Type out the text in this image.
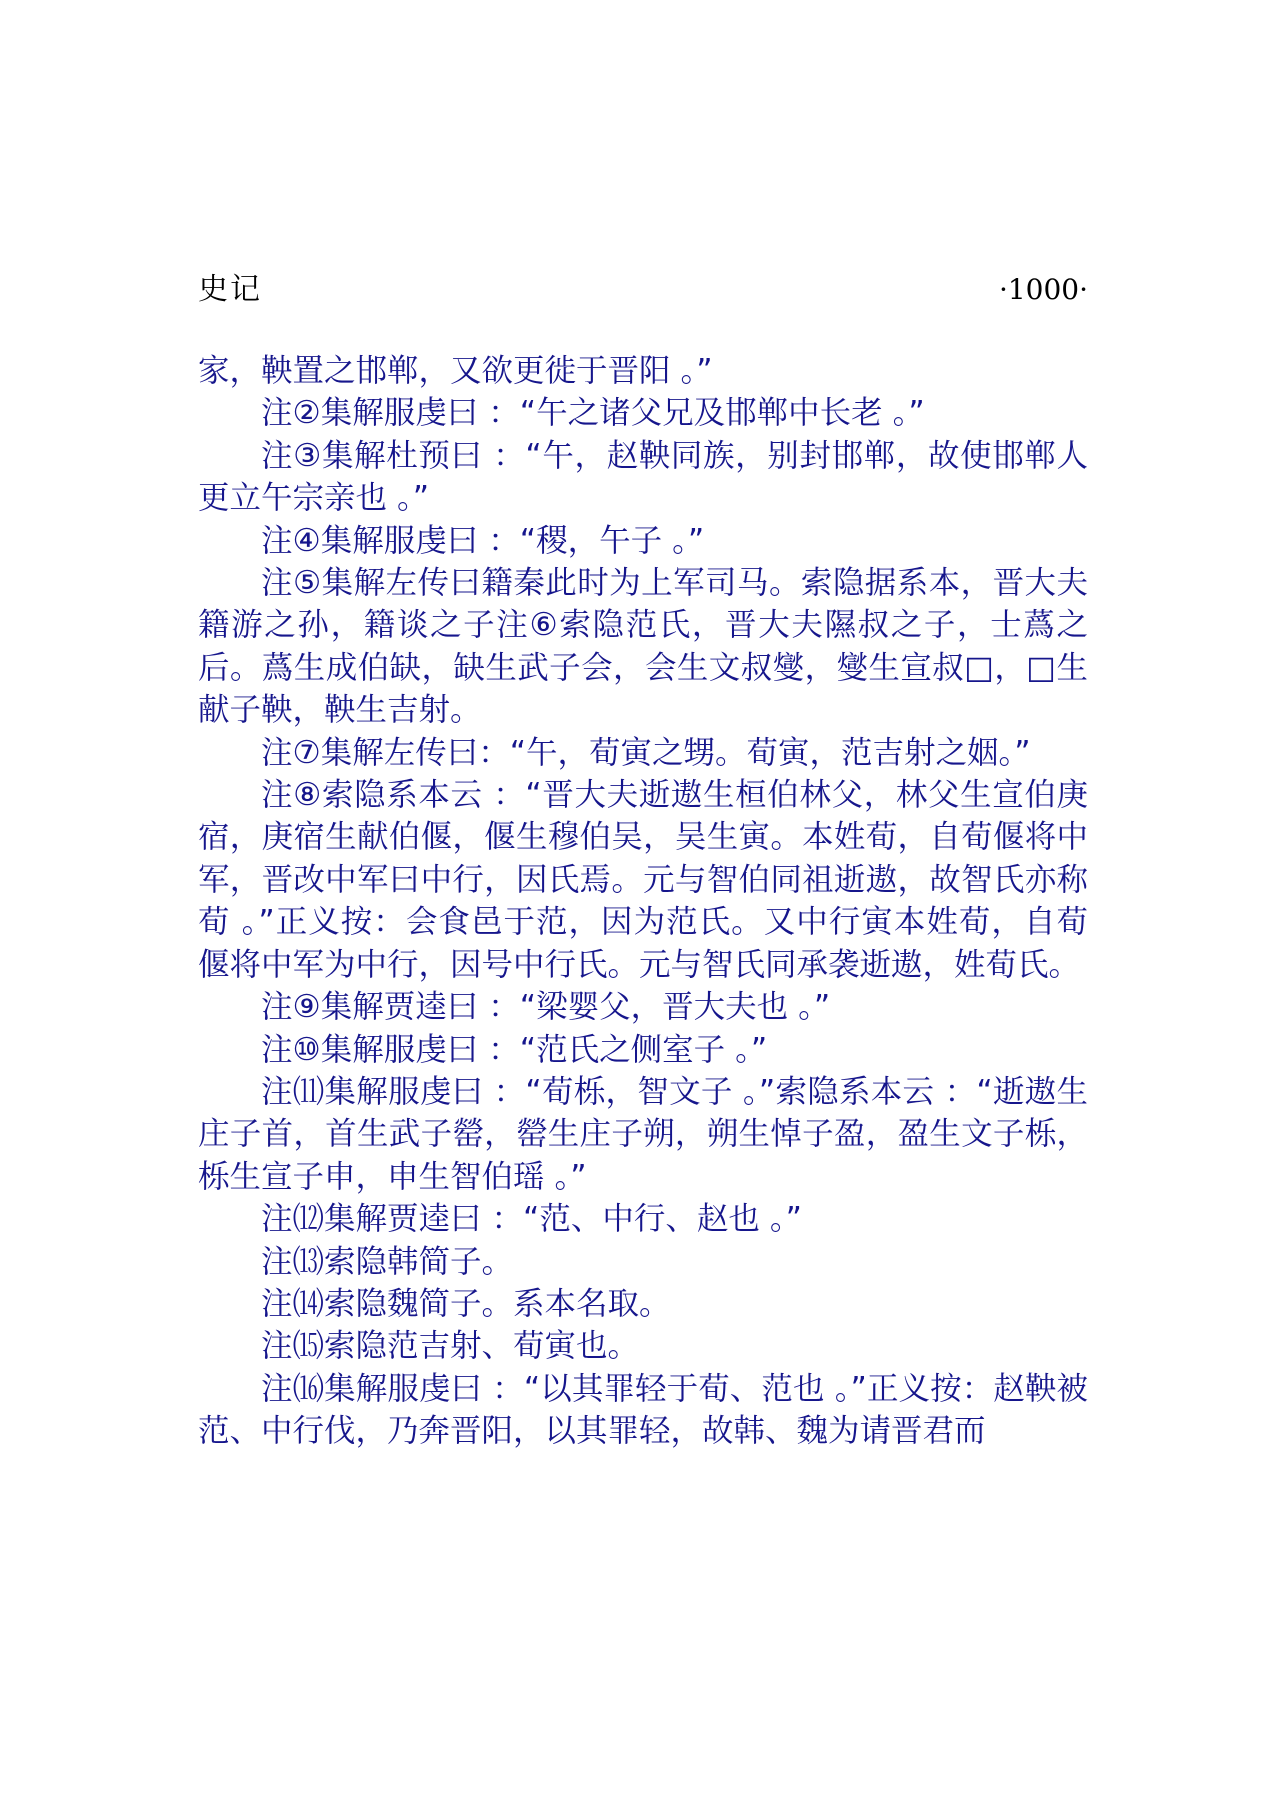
史记	·1000·

家，鞅置之邯郸，又欲更徙于晋阳 。”

注②集解服虔曰 ：“午之诸父兄及邯郸中长老 。”

注③集解杜预曰 ：“午，赵鞅同族，别封邯郸，故使邯郸人更立午宗亲也 。”

注④集解服虔曰 ：“稷，午子 。”

注⑤集解左传曰籍秦此时为上军司马。索隐据系本，晋大夫籍游之孙，籍谈之子注⑥索隐范氏，晋大夫隰叔之子，士蔿之后。蔿生成伯缺，缺生武子会，会生文叔燮，燮生宣叔□，□生献子鞅，鞅生吉射。

注⑦集解左传曰：“午，荀寅之甥。荀寅，范吉射之姻。”

注⑧索隐系本云 ：“晋大夫逝遨生桓伯林父，林父生宣伯庚宿，庚宿生献伯偃，偃生穆伯吴，吴生寅。本姓荀，自荀偃将中军，晋改中军曰中行，因氏焉。元与智伯同祖逝遨，故智氏亦称荀 。”正义按：会食邑于范，因为范氏。又中行寅本姓荀，自荀偃将中军为中行，因号中行氏。元与智氏同承袭逝遨，姓荀氏。

注⑨集解贾逵曰 ：“梁婴父，晋大夫也 。”

注⑩集解服虔曰 ：“范氏之侧室子 。”

注⑾集解服虔曰 ：“荀栎，智文子 。”索隐系本云 ：“逝遨生庄子首，首生武子罃，罃生庄子朔，朔生悼子盈，盈生文子栎，栎生宣子申，申生智伯瑶 。”

注⑿集解贾逵曰 ：“范、中行、赵也 。”

注⒀索隐韩简子。

注⒁索隐魏简子。系本名取。

注⒂索隐范吉射、荀寅也。

注⒃集解服虔曰 ：“以其罪轻于荀、范也 。”正义按：赵鞅被范、中行伐，乃奔晋阳，以其罪轻，故韩、魏为请晋君而
